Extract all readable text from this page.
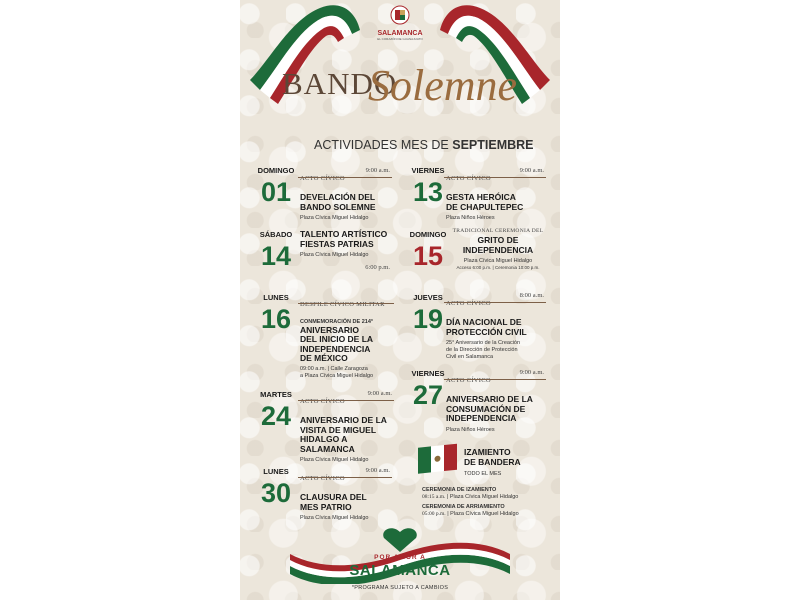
SALAMANCA
EL CORAZÓN DE GUANAJUATO
BANDO
Solemne
ACTIVIDADES MES DE SEPTIEMBRE
DOMINGO
01	ACTO CÍVICO
9:00 a.m.
DEVELACIÓN DEL
BANDO SOLEMNE
Plaza Cívica Miguel Hidalgo
VIERNES
13 ACTO CÍVICO
9:00 a.m.
GESTA HERÓICA
DE CHAPULTEPEC
Plaza Niños Héroes
SÁBADO
14
TALENTO ARTÍSTICO
FIESTAS PATRIAS
Plaza Cívica Miguel Hidalgo
6:00 p.m.
DOMINGO
15
TRADICIONAL CEREMONIA DEL
GRITO DE
INDEPENDENCIA
Plaza Cívica Miguel Hidalgo
Acceso 6:00 p.m. | Ceremonia 10:00 p.m.
LUNES
16	DESFILE CÍVICO MILITAR
CONMEMORACIÓN DE 214°
ANIVERSARIO
DEL INICIO DE LA
INDEPENDENCIA
DE MÉXICO
09:00 a.m. | Calle Zaragoza
a Plaza Cívica Miguel Hidalgo
JUEVES
19
ACTO CÍVICO
8:00 a.m.
DÍA NACIONAL DE
PROTECCIÓN CIVIL
25° Aniversario de la Creación
de la Dirección de Protección
Civil en Salamanca
VIERNES
27 ACTO CÍVICO
9:00 a.m.
ANIVERSARIO DE LA
CONSUMACIÓN DE
INDEPENDENCIA
Plaza Niños Héroes
MARTES
24	ACTO CÍVICO
9:00 a.m.
ANIVERSARIO DE LA
VISITA DE MIGUEL
HIDALGO A SALAMANCA
Plaza Cívica Miguel Hidalgo
LUNES
30	ACTO CÍVICO
9:00 a.m.
CLAUSURA DEL
MES PATRIO
Plaza Cívica Miguel Hidalgo
IZAMIENTO
DE BANDERA
TODO EL MES
CEREMONIA DE IZAMIENTO
08:15 a.m. | Plaza Cívica Miguel Hidalgo
CEREMONIA DE ARRIAMIENTO
05:00 p.m. | Plaza Cívica Miguel Hidalgo
POR AMOR A
SALAMANCA
*PROGRAMA SUJETO A CAMBIOS
